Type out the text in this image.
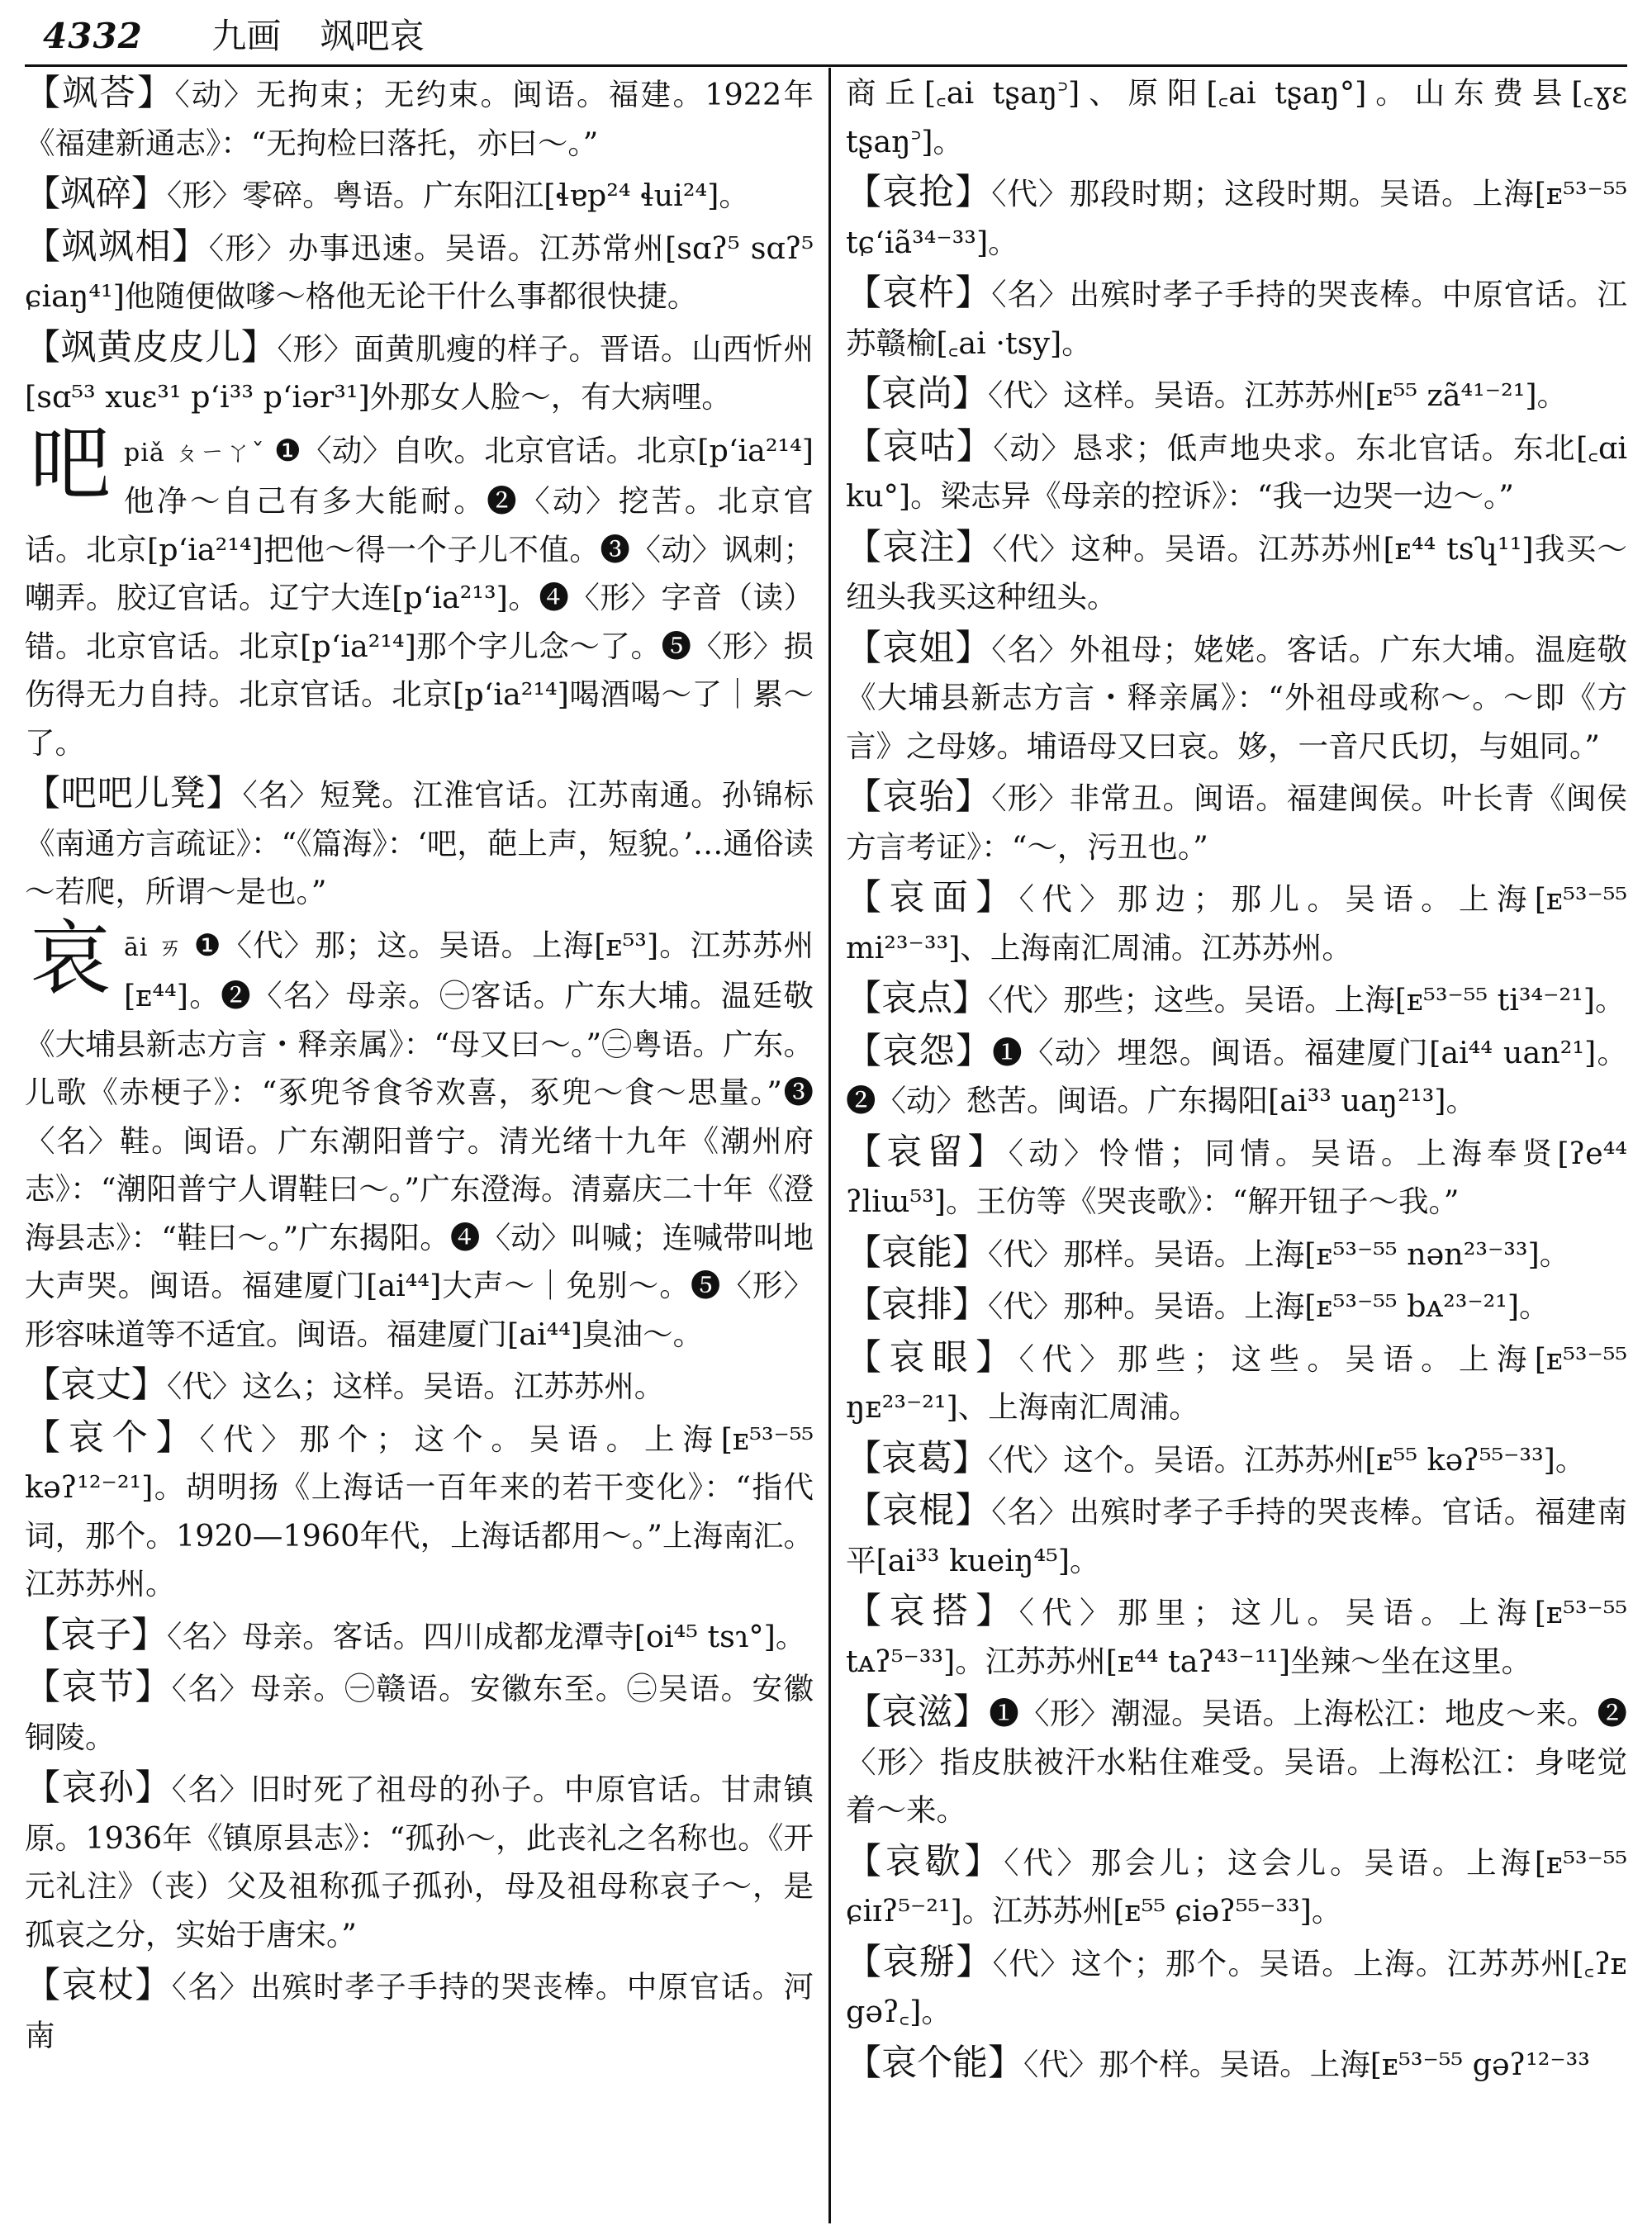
4332 九画 飒吧哀

【飒荅】〈动〉无拘束；无约束。闽语。福建。1922年《福建新通志》：“无拘检曰落托，亦曰～。”

【飒碎】〈形〉零碎。粤语。广东阳江[ɬɐp²⁴ ɬui²⁴]。

【飒飒相】〈形〉办事迅速。吴语。江苏常州[sɑʔ⁵ sɑʔ⁵ ɕiaŋ⁴¹]他随便做嗲～格他无论干什么事都很快捷。

【飒黄皮皮儿】〈形〉面黄肌瘦的样子。晋语。山西忻州[sɑ⁵³ xuɛ³¹ p‘i³³ p‘iər³¹]外那女人脸～，有大病哩。

吧piǎ ㄆㄧㄚˇ ❶〈动〉自吹。北京官话。北京[p‘ia²¹⁴]他净～自己有多大能耐。❷〈动〉挖苦。北京官话。北京[p‘ia²¹⁴]把他～得一个子儿不值。❸〈动〉讽刺；嘲弄。胶辽官话。辽宁大连[p‘ia²¹³]。❹〈形〉字音（读）错。北京官话。北京[p‘ia²¹⁴]那个字儿念～了。❺〈形〉损伤得无力自持。北京官话。北京[p‘ia²¹⁴]喝酒喝～了｜累～了。

【吧吧儿凳】〈名〉短凳。江淮官话。江苏南通。孙锦标《南通方言疏证》：“《篇海》：‘吧，葩上声，短貌。’…通俗读～若爬，所谓～是也。”

哀āi ㄞ ❶〈代〉那；这。吴语。上海[ᴇ⁵³]。江苏苏州[ᴇ⁴⁴]。❷〈名〉母亲。㊀客话。广东大埔。温廷敬《大埔县新志方言・释亲属》：“母又曰～。”㊁粤语。广东。儿歌《赤梗子》：“豖兜爷食爷欢喜，豖兜～食～思量。”❸〈名〉鞋。闽语。广东潮阳普宁。清光绪十九年《潮州府志》：“潮阳普宁人谓鞋曰～。”广东澄海。清嘉庆二十年《澄海县志》：“鞋曰～。”广东揭阳。❹〈动〉叫喊；连喊带叫地大声哭。闽语。福建厦门[ai⁴⁴]大声～｜免别～。❺〈形〉形容味道等不适宜。闽语。福建厦门[ai⁴⁴]臭油～。

【哀丈】〈代〉这么；这样。吴语。江苏苏州。

【哀个】〈代〉那个；这个。吴语。上海[ᴇ⁵³⁻⁵⁵ kəʔ¹²⁻²¹]。胡明扬《上海话一百年来的若干变化》：“指代词，那个。1920—1960年代，上海话都用～。”上海南汇。江苏苏州。

【哀子】〈名〉母亲。客话。四川成都龙潭寺[oi⁴⁵ tsɿ°]。

【哀节】〈名〉母亲。㊀赣语。安徽东至。㊁吴语。安徽铜陵。

【哀孙】〈名〉旧时死了祖母的孙子。中原官话。甘肃镇原。1936年《镇原县志》：“孤孙～，此丧礼之名称也。《开元礼注》（丧）父及祖称孤子孤孙，母及祖母称哀子～，是孤哀之分，实始于唐宋。”

【哀杖】〈名〉出殡时孝子手持的哭丧棒。中原官话。河南

商丘[꜀ai tʂaŋ꜄]、原阳[꜀ai tʂaŋ°]。山东费县[꜀ɣɛ tʂaŋ꜄]。

【哀抢】〈代〉那段时期；这段时期。吴语。上海[ᴇ⁵³⁻⁵⁵ tɕ‘iã³⁴⁻³³]。

【哀杵】〈名〉出殡时孝子手持的哭丧棒。中原官话。江苏赣榆[꜀ai ·tsy]。

【哀尚】〈代〉这样。吴语。江苏苏州[ᴇ⁵⁵ zã⁴¹⁻²¹]。

【哀咕】〈动〉恳求；低声地央求。东北官话。东北[꜀ɑi ku°]。梁志异《母亲的控诉》：“我一边哭一边～。”

【哀注】〈代〉这种。吴语。江苏苏州[ᴇ⁴⁴ tsʮ¹¹]我买～纽头我买这种纽头。

【哀姐】〈名〉外祖母；姥姥。客话。广东大埔。温庭敬《大埔县新志方言・释亲属》：“外祖母或称～。～即《方言》之母姼。埔语母又曰哀。姼，一音尺氏切，与姐同。”

【哀骀】〈形〉非常丑。闽语。福建闽侯。叶长青《闽侯方言考证》：“～，污丑也。”

【哀面】〈代〉那边；那儿。吴语。上海[ᴇ⁵³⁻⁵⁵ mi²³⁻³³]、上海南汇周浦。江苏苏州。

【哀点】〈代〉那些；这些。吴语。上海[ᴇ⁵³⁻⁵⁵ ti³⁴⁻²¹]。

【哀怨】❶〈动〉埋怨。闽语。福建厦门[ai⁴⁴ uan²¹]。❷〈动〉愁苦。闽语。广东揭阳[ai³³ uaŋ²¹³]。

【哀留】〈动〉怜惜；同情。吴语。上海奉贤[ʔe⁴⁴ ʔliɯ⁵³]。王仿等《哭丧歌》：“解开钮子～我。”

【哀能】〈代〉那样。吴语。上海[ᴇ⁵³⁻⁵⁵ nən²³⁻³³]。

【哀排】〈代〉那种。吴语。上海[ᴇ⁵³⁻⁵⁵ bᴀ²³⁻²¹]。

【哀眼】〈代〉那些；这些。吴语。上海[ᴇ⁵³⁻⁵⁵ ŋᴇ²³⁻²¹]、上海南汇周浦。

【哀葛】〈代〉这个。吴语。江苏苏州[ᴇ⁵⁵ kəʔ⁵⁵⁻³³]。

【哀棍】〈名〉出殡时孝子手持的哭丧棒。官话。福建南平[ai³³ kueiŋ⁴⁵]。

【哀搭】〈代〉那里；这儿。吴语。上海[ᴇ⁵³⁻⁵⁵ tᴀʔ⁵⁻³³]。江苏苏州[ᴇ⁴⁴ taʔ⁴³⁻¹¹]坐辣～坐在这里。

【哀滋】❶〈形〉潮湿。吴语。上海松江：地皮～来。❷〈形〉指皮肤被汗水粘住难受。吴语。上海松江：身咾觉着～来。

【哀歇】〈代〉那会儿；这会儿。吴语。上海[ᴇ⁵³⁻⁵⁵ ɕiɪʔ⁵⁻²¹]。江苏苏州[ᴇ⁵⁵ ɕiəʔ⁵⁵⁻³³]。

【哀掰】〈代〉这个；那个。吴语。上海。江苏苏州[꜀ʔᴇ gəʔ꜀]。

【哀个能】〈代〉那个样。吴语。上海[ᴇ⁵³⁻⁵⁵ gəʔ¹²⁻³³
